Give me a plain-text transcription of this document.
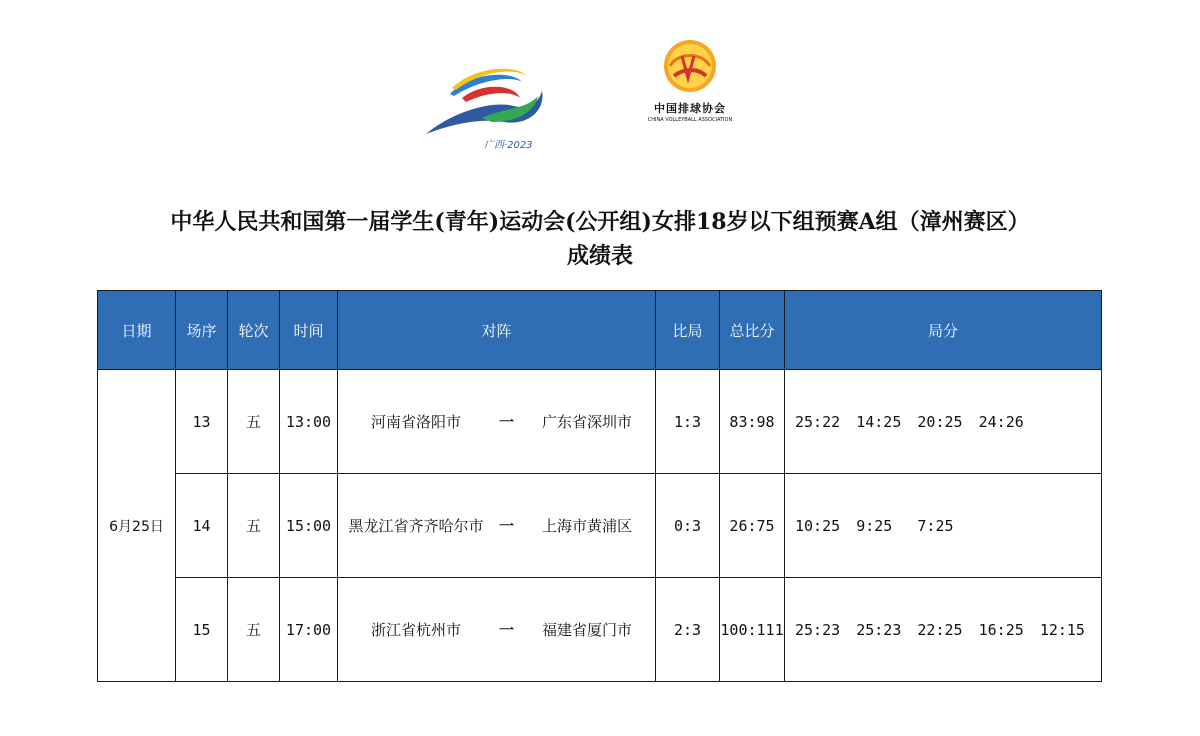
广西·2023
中国排球协会
CHINA VOLLEYBALL ASSOCIATION
中华人民共和国第一届学生(青年)运动会(公开组)女排18岁以下组预赛A组（漳州赛区）
成绩表
日期	场序	轮次	时间	对阵	比局	总比分	局分
6月25日	13	五	13:00	河南省洛阳市 一 广东省深圳市	1:3	83:98	25:22 14:25 20:25 24:26

	14	五	15:00	黑龙江省齐齐哈尔市 一 上海市黄浦区	0:3	26:75	10:25 9:25 7:25

	15	五	17:00	浙江省杭州市 一 福建省厦门市	2:3	100:111	25:23 25:23 22:25 16:25 12:15
